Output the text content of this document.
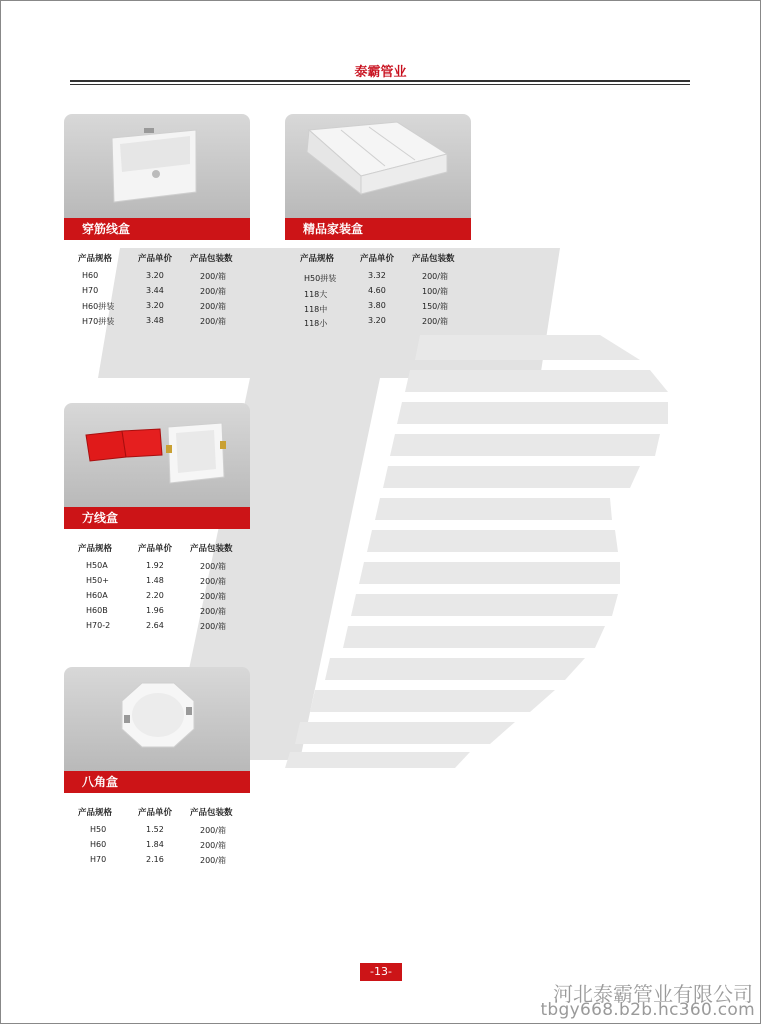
泰霸管业
穿筋线盒	精品家装盒
方线盒
八角盒
产品规格	产品单价 产品包装数
H60	3.20	200/箱
H70	3.44	200/箱
H60拼装	3.20	200/箱
H70拼装	3.48	200/箱
产品规格	产品单价 产品包装数
H50拼装	3.32	200/箱
118大	4.60	100/箱
118中	3.80	150/箱
118小	3.20	200/箱
产品规格	产品单价 产品包装数
H50A	1.92	200/箱
H50+	1.48	200/箱
H60A	2.20	200/箱
H60B	1.96	200/箱
H70-2	2.64	200/箱
产品规格	产品单价 产品包装数
H50	1.52	200/箱
H60	1.84	200/箱
H70	2.16	200/箱
-13-
河北泰霸管业有限公司
tbgy668.b2b.hc360.com
